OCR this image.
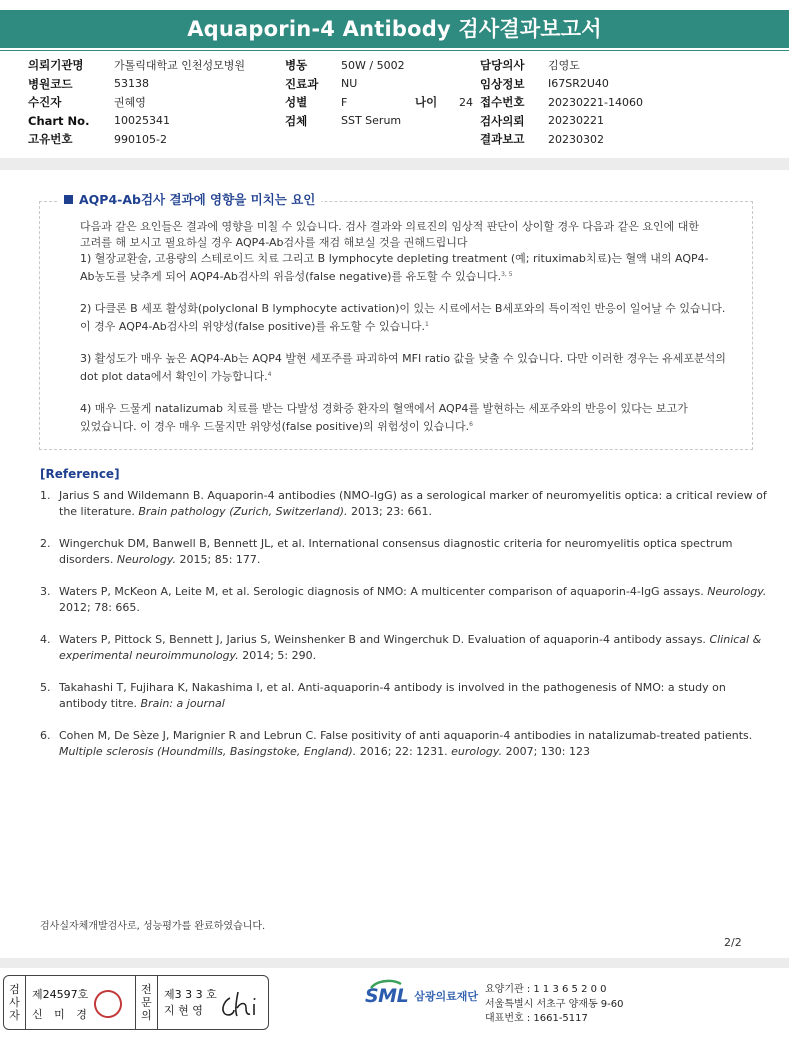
Aquaporin-4 Antibody 검사결과보고서
의뢰기관명	가톨릭대학교 인천성모병원
병원코드	53138
수진자	권혜영
Chart No.	10025341
고유번호	990105-2
병동	50W / 5002
진료과	NU
성별	F	나이	24
검체	SST Serum
담당의사	김영도
임상정보	I67SR2U40
접수번호	20230221-14060
검사의뢰	20230221
결과보고	20230302
AQP4-Ab검사 결과에 영향을 미치는 요인

다음과 같은 요인들은 결과에 영향을 미칠 수 있습니다. 검사 결과와 의료진의 임상적 판단이 상이할 경우 다음과 같은 요인에 대한 고려를 해 보시고 필요하실 경우 AQP4-Ab검사를 재검 해보실 것을 권해드립니다

1) 혈장교환술, 고용량의 스테로이드 치료 그리고 B lymphocyte depleting treatment (예; rituximab치료)는 혈액 내의 AQP4-Ab농도를 낮추게 되어 AQP4-Ab검사의 위음성(false negative)를 유도할 수 있습니다.$^{3, 5}$

2) 다클론 B 세포 활성화(polyclonal B lymphocyte activation)이 있는 시료에서는 B세포와의 특이적인 반응이 일어날 수 있습니다. 이 경우 AQP4-Ab검사의 위양성(false positive)를 유도할 수 있습니다.$^1$

3) 활성도가 매우 높은 AQP4-Ab는 AQP4 발현 세포주를 파괴하여 MFI ratio 값을 낮출 수 있습니다. 다만 이러한 경우는 유세포분석의 dot plot data에서 확인이 가능합니다.$^4$

4) 매우 드물게 natalizumab 치료를 받는 다발성 경화증 환자의 혈액에서 AQP4를 발현하는 세포주와의 반응이 있다는 보고가 있었습니다. 이 경우 매우 드물지만 위양성(false positive)의 위험성이 있습니다.$^6$

[Reference]
1. Jarius S and Wildemann B. Aquaporin-4 antibodies (NMO-IgG) as a serological marker of neuromyelitis optica: a critical review of the literature. Brain pathology (Zurich, Switzerland). 2013; 23: 661.
2. Wingerchuk DM, Banwell B, Bennett JL, et al. International consensus diagnostic criteria for neuromyelitis optica spectrum disorders. Neurology. 2015; 85: 177.
3. Waters P, McKeon A, Leite M, et al. Serologic diagnosis of NMO: A multicenter comparison of aquaporin-4-IgG assays. Neurology. 2012; 78: 665.
4. Waters P, Pittock S, Bennett J, Jarius S, Weinshenker B and Wingerchuk D. Evaluation of aquaporin-4 antibody assays. Clinical & experimental neuroimmunology. 2014; 5: 290.
5. Takahashi T, Fujihara K, Nakashima I, et al. Anti-aquaporin-4 antibody is involved in the pathogenesis of NMO: a study on antibody titre. Brain: a journal
6. Cohen M, De Sèze J, Marignier R and Lebrun C. False positivity of anti aquaporin-4 antibodies in natalizumab-treated patients. Multiple sclerosis (Houndmills, Basingstoke, England). 2016; 22: 1231. eurology. 2007; 130: 123
검사실자체개발검사로, 성능평가를 완료하였습니다.
2/2
검
사
자
제24597호
신 미 경
전
문
의
제3 3 3 호
지 현 영
SML 삼광의료재단
요양기관 : 1 1 3 6 5 2 0 0
서울특별시 서초구 양재동 9-60
대표번호 : 1661-5117
